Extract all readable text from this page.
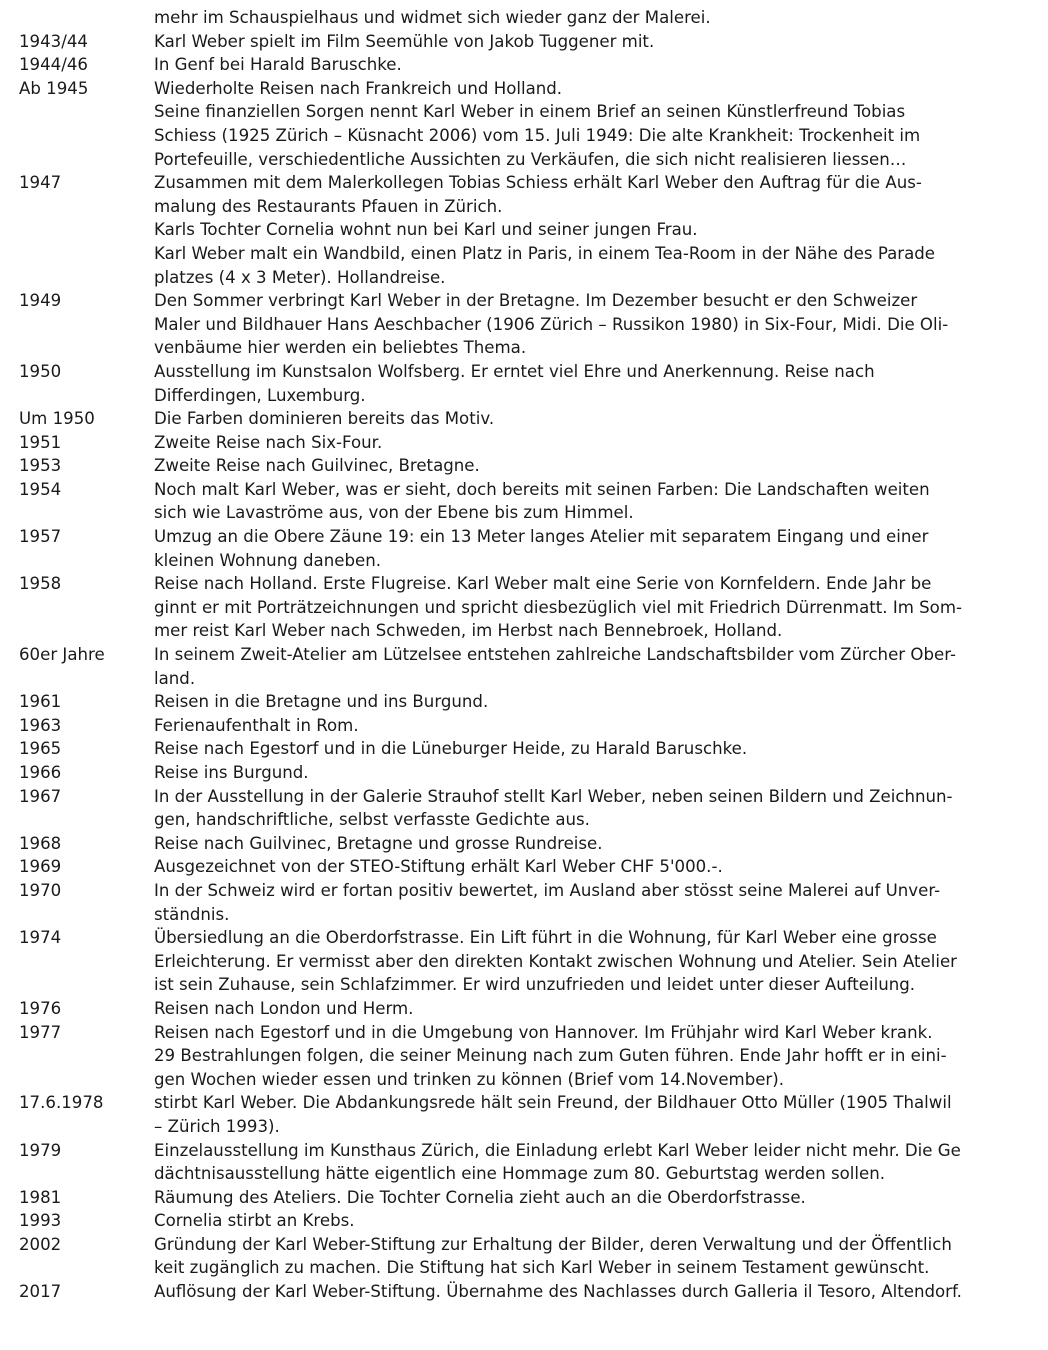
mehr im Schauspielhaus und widmet sich wieder ganz der Malerei.
1943/44	Karl Weber spielt im Film Seemühle von Jakob Tuggener mit.
1944/46	In Genf bei Harald Baruschke.
Ab 1945	Wiederholte Reisen nach Frankreich und Holland.
Seine finanziellen Sorgen nennt Karl Weber in einem Brief an seinen Künstlerfreund Tobias
Schiess (1925 Zürich – Küsnacht 2006) vom 15. Juli 1949: Die alte Krankheit: Trockenheit im
Portefeuille, verschiedentliche Aussichten zu Verkäufen, die sich nicht realisieren liessen…
1947	Zusammen mit dem Malerkollegen Tobias Schiess erhält Karl Weber den Auftrag für die Aus-
malung des Restaurants Pfauen in Zürich.
Karls Tochter Cornelia wohnt nun bei Karl und seiner jungen Frau.
Karl Weber malt ein Wandbild, einen Platz in Paris, in einem Tea-Room in der Nähe des Parade
platzes (4 x 3 Meter). Hollandreise.
1949	Den Sommer verbringt Karl Weber in der Bretagne. Im Dezember besucht er den Schweizer
Maler und Bildhauer Hans Aeschbacher (1906 Zürich – Russikon 1980) in Six-Four, Midi. Die Oli-
venbäume hier werden ein beliebtes Thema.
1950	Ausstellung im Kunstsalon Wolfsberg. Er erntet viel Ehre und Anerkennung. Reise nach
Differdingen, Luxemburg.
Um 1950	Die Farben dominieren bereits das Motiv.
1951	Zweite Reise nach Six-Four.
1953	Zweite Reise nach Guilvinec, Bretagne.
1954	Noch malt Karl Weber, was er sieht, doch bereits mit seinen Farben: Die Landschaften weiten
sich wie Lavaströme aus, von der Ebene bis zum Himmel.
1957	Umzug an die Obere Zäune 19: ein 13 Meter langes Atelier mit separatem Eingang und einer
kleinen Wohnung daneben.
1958	Reise nach Holland. Erste Flugreise. Karl Weber malt eine Serie von Kornfeldern. Ende Jahr be
ginnt er mit Porträtzeichnungen und spricht diesbezüglich viel mit Friedrich Dürrenmatt. Im Som-
mer reist Karl Weber nach Schweden, im Herbst nach Bennebroek, Holland.
60er Jahre	In seinem Zweit-Atelier am Lützelsee entstehen zahlreiche Landschaftsbilder vom Zürcher Ober-
land.
1961	Reisen in die Bretagne und ins Burgund.
1963	Ferienaufenthalt in Rom.
1965	Reise nach Egestorf und in die Lüneburger Heide, zu Harald Baruschke.
1966	Reise ins Burgund.
1967	In der Ausstellung in der Galerie Strauhof stellt Karl Weber, neben seinen Bildern und Zeichnun-
gen, handschriftliche, selbst verfasste Gedichte aus.
1968	Reise nach Guilvinec, Bretagne und grosse Rundreise.
1969	Ausgezeichnet von der STEO-Stiftung erhält Karl Weber CHF 5'000.-.
1970	In der Schweiz wird er fortan positiv bewertet, im Ausland aber stösst seine Malerei auf Unver-
ständnis.
1974	Übersiedlung an die Oberdorfstrasse. Ein Lift führt in die Wohnung, für Karl Weber eine grosse
Erleichterung. Er vermisst aber den direkten Kontakt zwischen Wohnung und Atelier. Sein Atelier
ist sein Zuhause, sein Schlafzimmer. Er wird unzufrieden und leidet unter dieser Aufteilung.
1976	Reisen nach London und Herm.
1977	Reisen nach Egestorf und in die Umgebung von Hannover. Im Frühjahr wird Karl Weber krank.
29 Bestrahlungen folgen, die seiner Meinung nach zum Guten führen. Ende Jahr hofft er in eini-
gen Wochen wieder essen und trinken zu können (Brief vom 14.November).
17.6.1978	stirbt Karl Weber. Die Abdankungsrede hält sein Freund, der Bildhauer Otto Müller (1905 Thalwil
– Zürich 1993).
1979	Einzelausstellung im Kunsthaus Zürich, die Einladung erlebt Karl Weber leider nicht mehr. Die Ge
dächtnisausstellung hätte eigentlich eine Hommage zum 80. Geburtstag werden sollen.
1981	Räumung des Ateliers. Die Tochter Cornelia zieht auch an die Oberdorfstrasse.
1993	Cornelia stirbt an Krebs.
2002	Gründung der Karl Weber-Stiftung zur Erhaltung der Bilder, deren Verwaltung und der Öffentlich
keit zugänglich zu machen. Die Stiftung hat sich Karl Weber in seinem Testament gewünscht.
2017	Auflösung der Karl Weber-Stiftung. Übernahme des Nachlasses durch Galleria il Tesoro, Altendorf.
